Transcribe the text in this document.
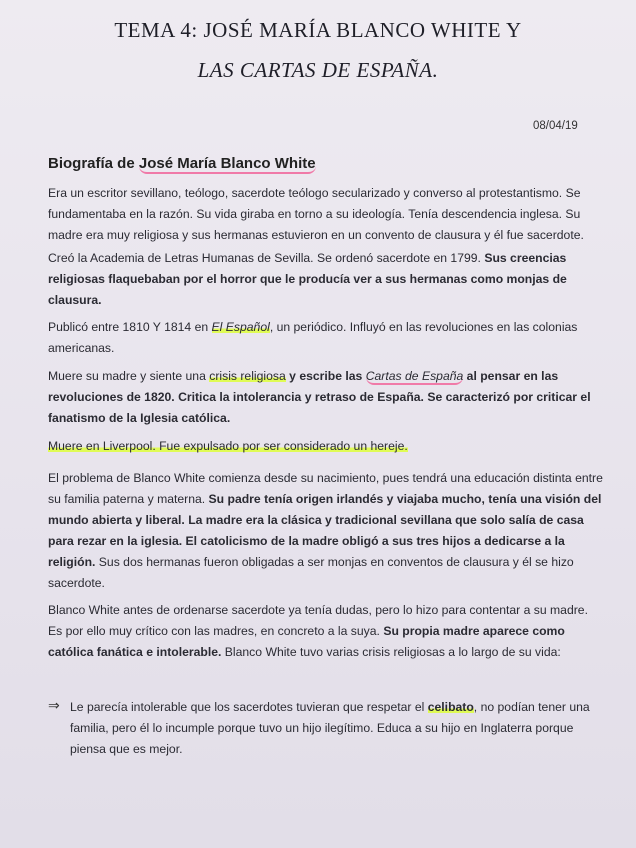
TEMA 4: JOSÉ MARÍA BLANCO WHITE Y
LAS CARTAS DE ESPAÑA.
08/04/19
Biografía de José María Blanco White

Era un escritor sevillano, teólogo, sacerdote teólogo secularizado y converso al protestantismo. Se fundamentaba en la razón. Su vida giraba en torno a su ideología. Tenía descendencia inglesa. Su madre era muy religiosa y sus hermanas estuvieron en un convento de clausura y él fue sacerdote.

Creó la Academia de Letras Humanas de Sevilla. Se ordenó sacerdote en 1799. Sus creencias religiosas flaquebaban por el horror que le producía ver a sus hermanas como monjas de clausura.

Publicó entre 1810 Y 1814 en El Español, un periódico. Influyó en las revoluciones en las colonias americanas.

Muere su madre y siente una crisis religiosa y escribe las Cartas de España al pensar en las revoluciones de 1820. Critica la intolerancia y retraso de España. Se caracterizó por criticar el fanatismo de la Iglesia católica.

Muere en Liverpool. Fue expulsado por ser considerado un hereje.

El problema de Blanco White comienza desde su nacimiento, pues tendrá una educación distinta entre su familia paterna y materna. Su padre tenía origen irlandés y viajaba mucho, tenía una visión del mundo abierta y liberal. La madre era la clásica y tradicional sevillana que solo salía de casa para rezar en la iglesia. El catolicismo de la madre obligó a sus tres hijos a dedicarse a la religión. Sus dos hermanas fueron obligadas a ser monjas en conventos de clausura y él se hizo sacerdote.

Blanco White antes de ordenarse sacerdote ya tenía dudas, pero lo hizo para contentar a su madre. Es por ello muy crítico con las madres, en concreto a la suya. Su propia madre aparece como católica fanática e intolerable. Blanco White tuvo varias crisis religiosas a lo largo de su vida:

⇒ Le parecía intolerable que los sacerdotes tuvieran que respetar el celibato, no podían tener una familia, pero él lo incumple porque tuvo un hijo ilegítimo. Educa a su hijo en Inglaterra porque piensa que es mejor.
